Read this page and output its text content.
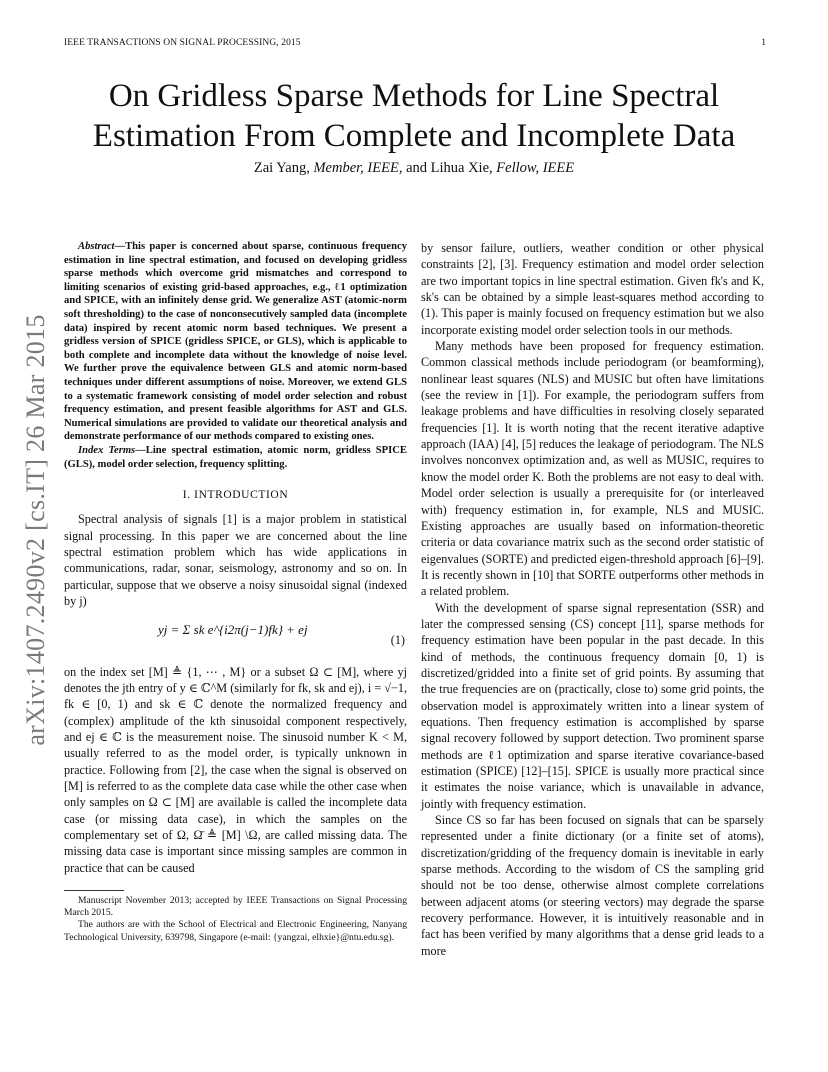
IEEE TRANSACTIONS ON SIGNAL PROCESSING, 2015	1
arXiv:1407.2490v2 [cs.IT] 26 Mar 2015
On Gridless Sparse Methods for Line Spectral Estimation From Complete and Incomplete Data
Zai Yang, Member, IEEE, and Lihua Xie, Fellow, IEEE

Abstract—This paper is concerned about sparse, continuous frequency estimation in line spectral estimation, and focused on developing gridless sparse methods which overcome grid mismatches and correspond to limiting scenarios of existing grid-based approaches, e.g., ℓ1 optimization and SPICE, with an infinitely dense grid. We generalize AST (atomic-norm soft thresholding) to the case of nonconsecutively sampled data (incomplete data) inspired by recent atomic norm based techniques. We present a gridless version of SPICE (gridless SPICE, or GLS), which is applicable to both complete and incomplete data without the knowledge of noise level. We further prove the equivalence between GLS and atomic norm-based techniques under different assumptions of noise. Moreover, we extend GLS to a systematic framework consisting of model order selection and robust frequency estimation, and present feasible algorithms for AST and GLS. Numerical simulations are provided to validate our theoretical analysis and demonstrate performance of our methods compared to existing ones.

Index Terms—Line spectral estimation, atomic norm, gridless SPICE (GLS), model order selection, frequency splitting.

I. INTRODUCTION

Spectral analysis of signals [1] is a major problem in statistical signal processing. In this paper we are concerned about the line spectral estimation problem which has wide applications in communications, radar, sonar, seismology, astronomy and so on. In particular, suppose that we observe a noisy sinusoidal signal (indexed by j)

yj = Σ sk e^{i2π(j−1)fk} + ej
(1)

on the index set [M] ≜ {1, ⋯ , M} or a subset Ω ⊂ [M], where yj denotes the jth entry of y ∈ ℂ^M (similarly for fk, sk and ej), i = √−1, fk ∈ [0, 1) and sk ∈ ℂ denote the normalized frequency and (complex) amplitude of the kth sinusoidal component respectively, and ej ∈ ℂ is the measurement noise. The sinusoid number K < M, usually referred to as the model order, is typically unknown in practice. Following from [2], the case when the signal is observed on [M] is referred to as the complete data case while the other case when only samples on Ω ⊂ [M] are available is called the incomplete data case (or missing data case), in which the samples on the complementary set of Ω, Ω̄ ≜ [M] \Ω, are called missing data. The missing data case is important since missing samples are common in practice that can be caused

Manuscript November 2013; accepted by IEEE Transactions on Signal Processing March 2015.

The authors are with the School of Electrical and Electronic Engineering, Nanyang Technological University, 639798, Singapore (e-mail: {yangzai, elhxie}@ntu.edu.sg).

by sensor failure, outliers, weather condition or other physical constraints [2], [3]. Frequency estimation and model order selection are two important topics in line spectral estimation. Given fk's and K, sk's can be obtained by a simple least-squares method according to (1). This paper is mainly focused on frequency estimation but we also incorporate existing model order selection tools in our methods.

Many methods have been proposed for frequency estimation. Common classical methods include periodogram (or beamforming), nonlinear least squares (NLS) and MUSIC but often have limitations (see the review in [1]). For example, the periodogram suffers from leakage problems and have difficulties in resolving closely separated frequencies [1]. It is worth noting that the recent iterative adaptive approach (IAA) [4], [5] reduces the leakage of periodogram. The NLS involves nonconvex optimization and, as well as MUSIC, requires to know the model order K. Both the problems are not easy to deal with. Model order selection is usually a prerequisite for (or interleaved with) frequency estimation in, for example, NLS and MUSIC. Existing approaches are usually based on information-theoretic criteria or data covariance matrix such as the second order statistic of eigenvalues (SORTE) and predicted eigen-threshold approach [6]–[9]. It is recently shown in [10] that SORTE outperforms other methods in a related problem.

With the development of sparse signal representation (SSR) and later the compressed sensing (CS) concept [11], sparse methods for frequency estimation have been popular in the past decade. In this kind of methods, the continuous frequency domain [0, 1) is discretized/gridded into a finite set of grid points. By assuming that the true frequencies are on (practically, close to) some grid points, the observation model is approximately written into a linear system of equations. Then frequency estimation is accomplished by sparse signal recovery followed by support detection. Two prominent sparse methods are ℓ1 optimization and sparse iterative covariance-based estimation (SPICE) [12]–[15]. SPICE is usually more practical since it estimates the noise variance, which is unavailable in advance, jointly with frequency estimation.

Since CS so far has been focused on signals that can be sparsely represented under a finite dictionary (or a finite set of atoms), discretization/gridding of the frequency domain is inevitable in early sparse methods. According to the wisdom of CS the sampling grid should not be too dense, otherwise almost complete correlations between adjacent atoms (or steering vectors) may degrade the sparse recovery performance. However, it is intuitively reasonable and in fact has been verified by many algorithms that a dense grid leads to a more
